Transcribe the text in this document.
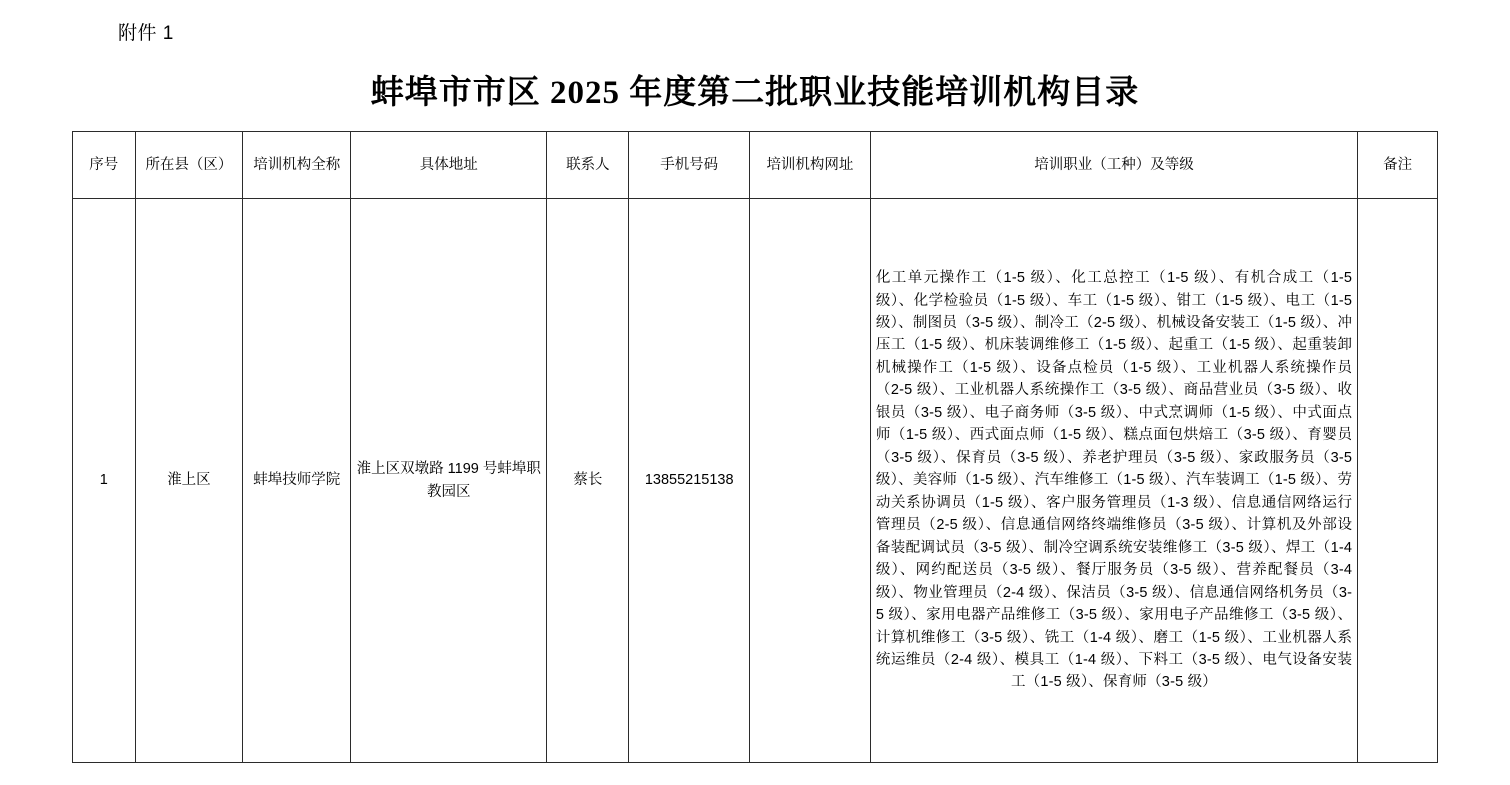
附件 1
蚌埠市市区 2025 年度第二批职业技能培训机构目录
序号	所在县（区）	培训机构全称	具体地址	联系人	手机号码	培训机构网址	培训职业（工种）及等级	备注
1	淮上区	蚌埠技师学院	淮上区双墩路 1199 号蚌埠职教园区	蔡长	13855215138		化工单元操作工（1-5 级）、化工总控工（1-5 级）、有机合成工（1-5 级）、化学检验员（1-5 级）、车工（1-5 级）、钳工（1-5 级）、电工（1-5 级）、制图员（3-5 级）、制冷工（2-5 级）、机械设备安装工（1-5 级）、冲压工（1-5 级）、机床装调维修工（1-5 级）、起重工（1-5 级）、起重装卸机械操作工（1-5 级）、设备点检员（1-5 级）、工业机器人系统操作员（2-5 级）、工业机器人系统操作工（3-5 级）、商品营业员（3-5 级）、收银员（3-5 级）、电子商务师（3-5 级）、中式烹调师（1-5 级）、中式面点师（1-5 级）、西式面点师（1-5 级）、糕点面包烘焙工（3-5 级）、育婴员（3-5 级）、保育员（3-5 级）、养老护理员（3-5 级）、家政服务员（3-5 级）、美容师（1-5 级）、汽车维修工（1-5 级）、汽车装调工（1-5 级）、劳动关系协调员（1-5 级）、客户服务管理员（1-3 级）、信息通信网络运行管理员（2-5 级）、信息通信网络终端维修员（3-5 级）、计算机及外部设备装配调试员（3-5 级）、制冷空调系统安装维修工（3-5 级）、焊工（1-4 级）、网约配送员（3-5 级）、餐厅服务员（3-5 级）、营养配餐员（3-4 级）、物业管理员（2-4 级）、保洁员（3-5 级）、信息通信网络机务员（3-5 级）、家用电器产品维修工（3-5 级）、家用电子产品维修工（3-5 级）、计算机维修工（3-5 级）、铣工（1-4 级）、磨工（1-5 级）、工业机器人系统运维员（2-4 级）、模具工（1-4 级）、下料工（3-5 级）、电气设备安装工（1-5 级）、保育师（3-5 级）	
